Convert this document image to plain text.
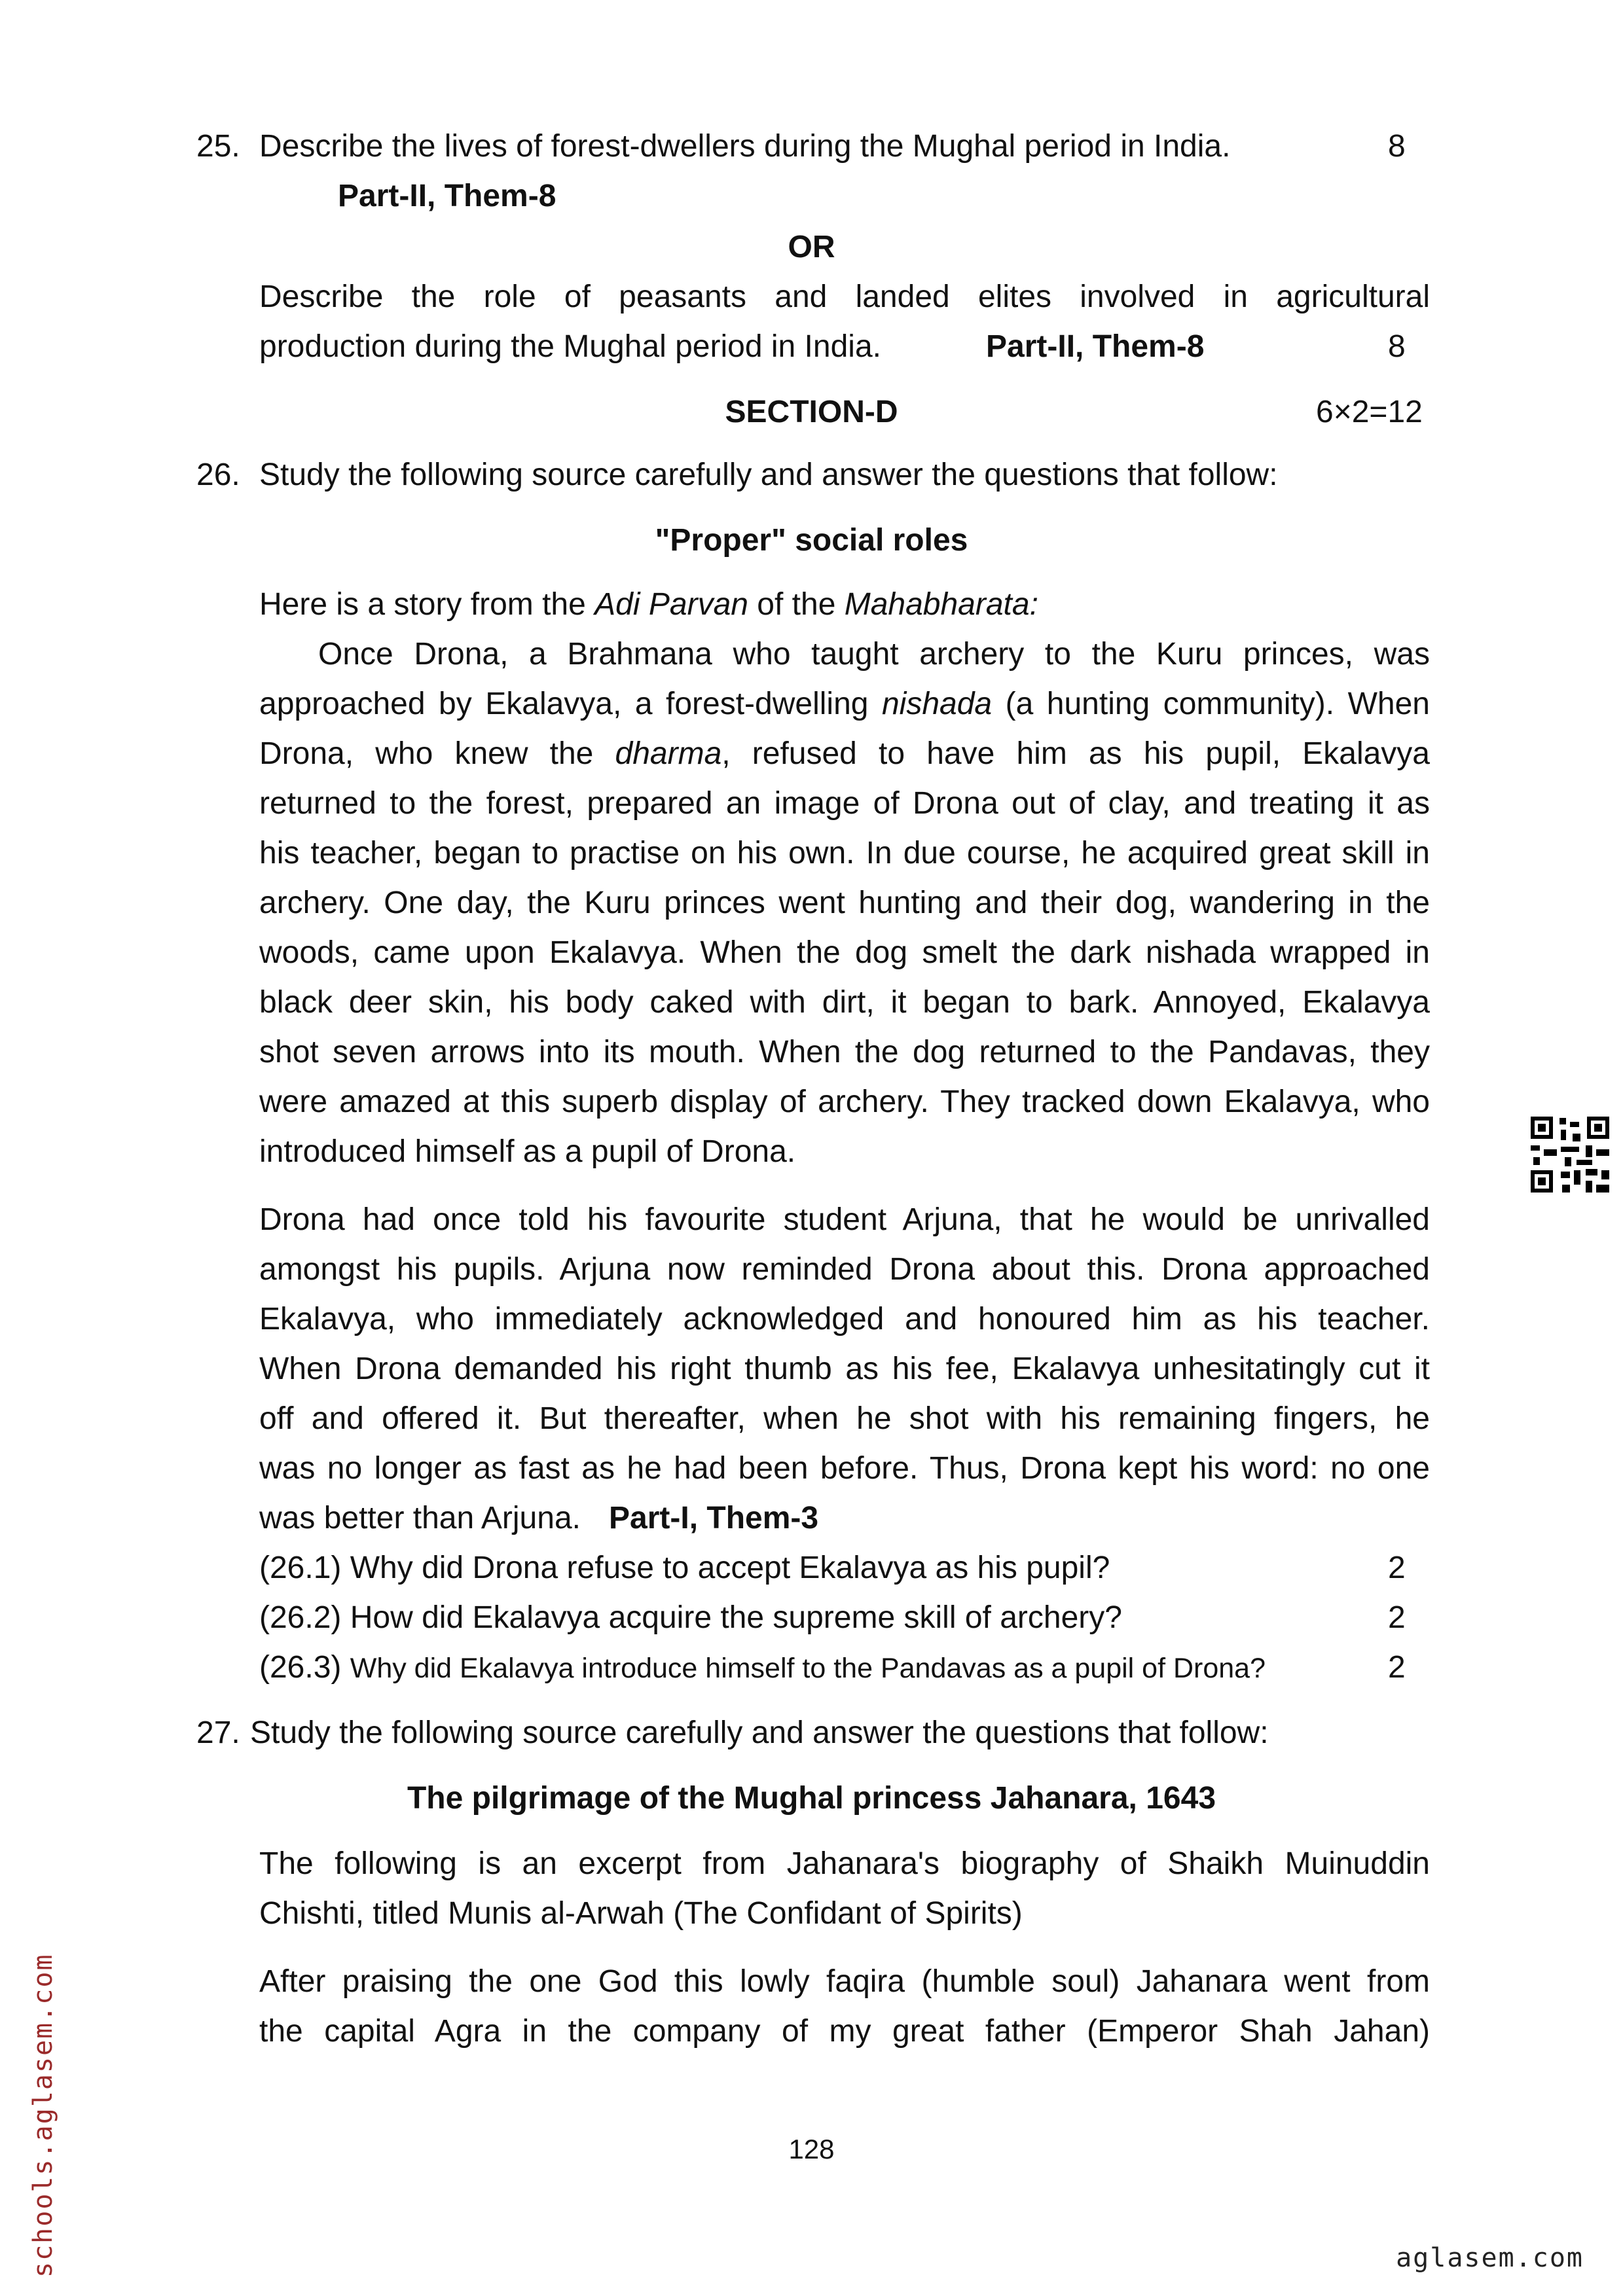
25. Describe the lives of forest-dwellers during the Mughal period in India.	8
Part-II, Them-8
OR
Describe the role of peasants and landed elites involved in agricultural
production during the Mughal period in India.	Part-II, Them-8	8
SECTION-D	6×2=12
26. Study the following source carefully and answer the questions that follow:
"Proper" social roles
Here is a story from the Adi Parvan of the Mahabharata:
Once Drona, a Brahmana who taught archery to the Kuru princes, was
approached by Ekalavya, a forest-dwelling nishada (a hunting community). When
Drona, who knew the dharma, refused to have him as his pupil, Ekalavya
returned to the forest, prepared an image of Drona out of clay, and treating it as
his teacher, began to practise on his own. In due course, he acquired great skill in
archery. One day, the Kuru princes went hunting and their dog, wandering in the
woods, came upon Ekalavya. When the dog smelt the dark nishada wrapped in
black deer skin, his body caked with dirt, it began to bark. Annoyed, Ekalavya
shot seven arrows into its mouth. When the dog returned to the Pandavas, they
were amazed at this superb display of archery. They tracked down Ekalavya, who
introduced himself as a pupil of Drona.
Drona had once told his favourite student Arjuna, that he would be unrivalled
amongst his pupils. Arjuna now reminded Drona about this. Drona approached
Ekalavya, who immediately acknowledged and honoured him as his teacher.
When Drona demanded his right thumb as his fee, Ekalavya unhesitatingly cut it
off and offered it. But thereafter, when he shot with his remaining fingers, he
was no longer as fast as he had been before. Thus, Drona kept his word: no one
was better than Arjuna. Part-I, Them-3
(26.1) Why did Drona refuse to accept Ekalavya as his pupil?	2
(26.2) How did Ekalavya acquire the supreme skill of archery?	2
(26.3) Why did Ekalavya introduce himself to the Pandavas as a pupil of Drona?	2
27. Study the following source carefully and answer the questions that follow:
The pilgrimage of the Mughal princess Jahanara, 1643
The following is an excerpt from Jahanara's biography of Shaikh Muinuddin
Chishti, titled Munis al-Arwah (The Confidant of Spirits)
After praising the one God this lowly faqira (humble soul) Jahanara went from
the capital Agra in the company of my great father (Emperor Shah Jahan)
128
schools.aglasem.com	aglasem.com
